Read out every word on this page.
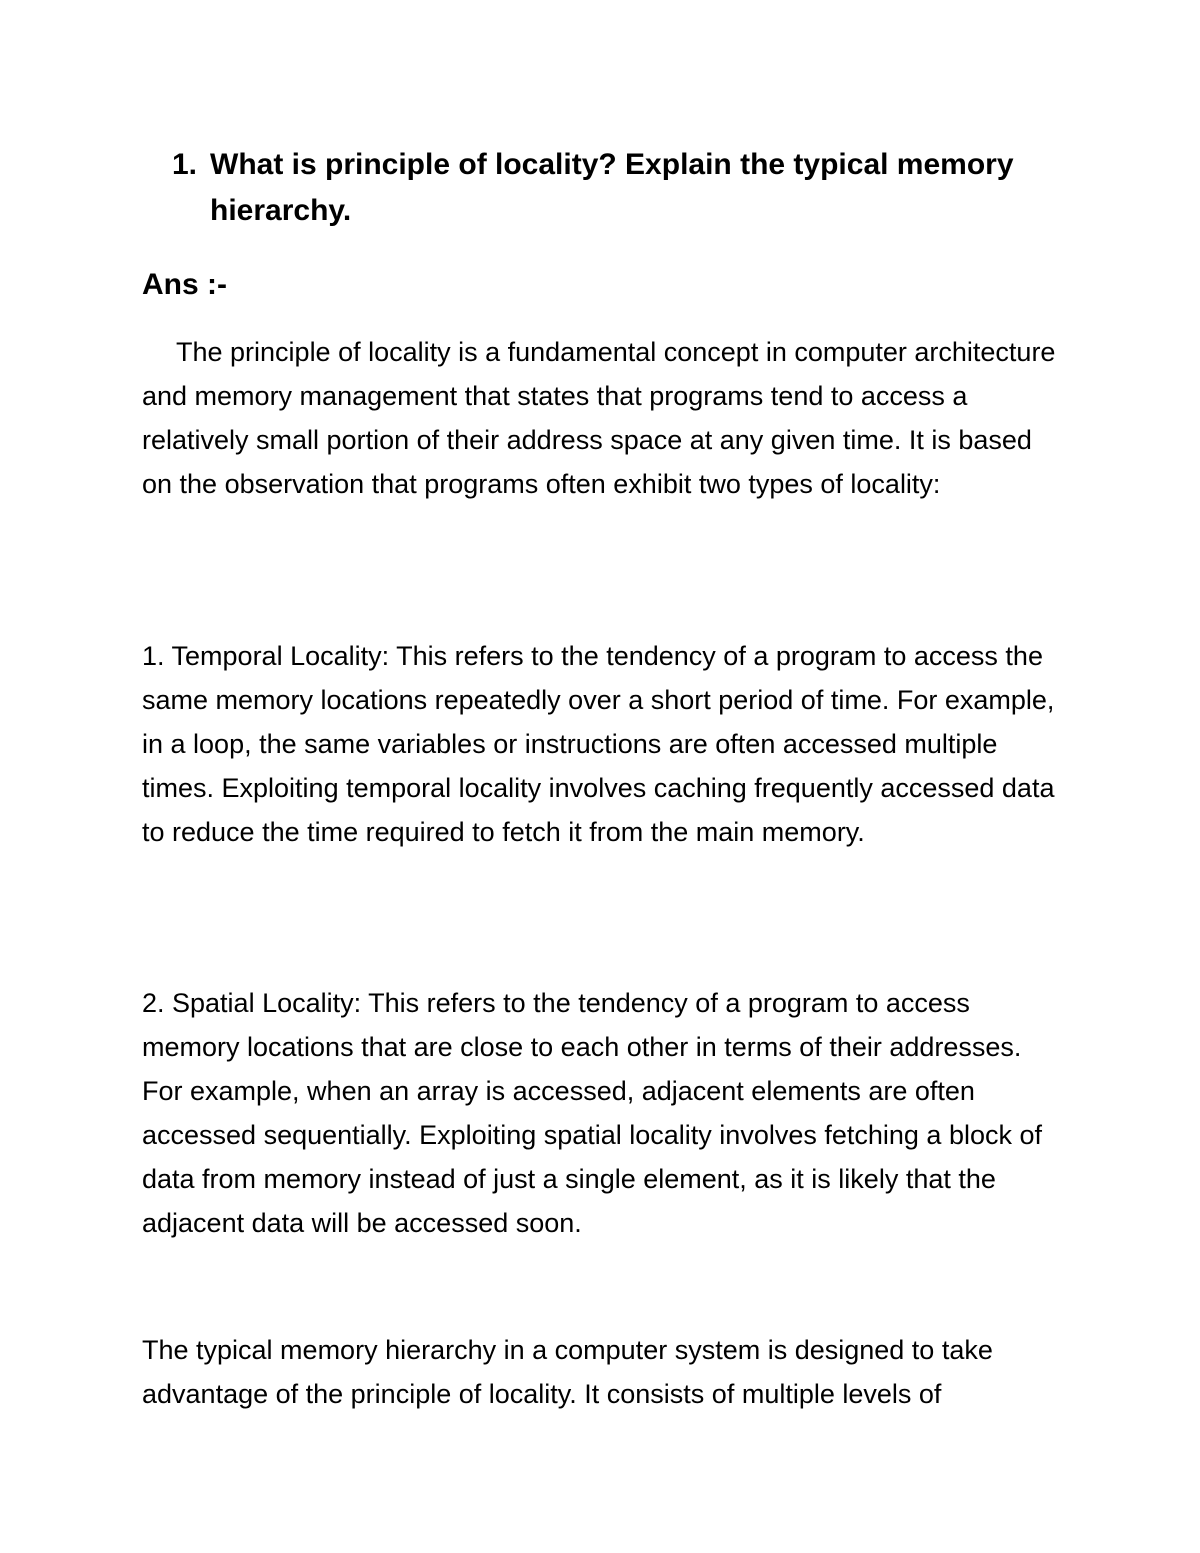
1. What is principle of locality? Explain the typical memory hierarchy.
Ans :-

The principle of locality is a fundamental concept in computer architecture and memory management that states that programs tend to access a relatively small portion of their address space at any given time. It is based on the observation that programs often exhibit two types of locality:

1. Temporal Locality: This refers to the tendency of a program to access the same memory locations repeatedly over a short period of time. For example, in a loop, the same variables or instructions are often accessed multiple times. Exploiting temporal locality involves caching frequently accessed data to reduce the time required to fetch it from the main memory.

2. Spatial Locality: This refers to the tendency of a program to access memory locations that are close to each other in terms of their addresses. For example, when an array is accessed, adjacent elements are often accessed sequentially. Exploiting spatial locality involves fetching a block of data from memory instead of just a single element, as it is likely that the adjacent data will be accessed soon.

The typical memory hierarchy in a computer system is designed to take advantage of the principle of locality. It consists of multiple levels of
